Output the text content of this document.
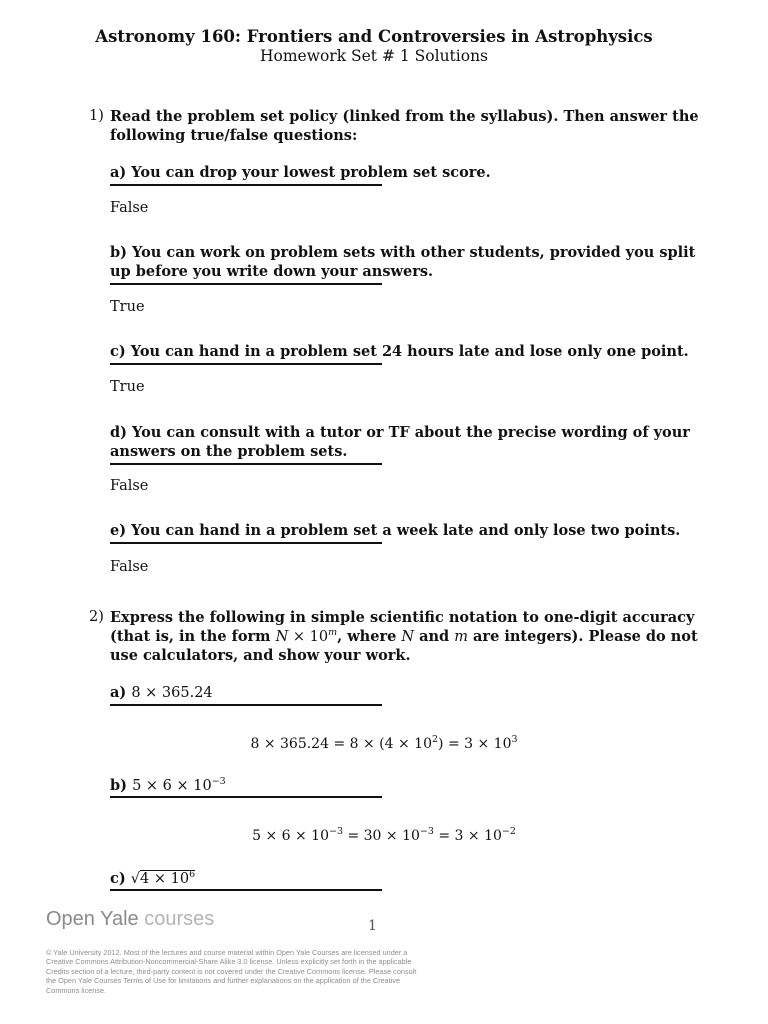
Astronomy 160: Frontiers and Controversies in Astrophysics
Homework Set # 1 Solutions
1) Read the problem set policy (linked from the syllabus). Then answer the
following true/false questions:
a) You can drop your lowest problem set score.
False
b) You can work on problem sets with other students, provided you split
up before you write down your answers.
True
c) You can hand in a problem set 24 hours late and lose only one point.
True
d) You can consult with a tutor or TF about the precise wording of your
answers on the problem sets.
False
e) You can hand in a problem set a week late and only lose two points.
False
2) Express the following in simple scientific notation to one-digit accuracy
(that is, in the form $N \times 10^m$, where N and m are integers). Please do not
use calculators, and show your work.
a) 8 × 365.24
$8 \times 365.24 = 8 \times (4 \times 10^2) = 3 \times 10^3$
b) $5 \times 6 \times 10^{-3}$
$5 \times 6 \times 10^{-3} = 30 \times 10^{-3} = 3 \times 10^{-2}$
c) $√4 \times 10^6$
Open Yale courses	1
© Yale University 2012. Most of the lectures and course material within Open Yale Courses are licensed under a Creative Commons Attribution-Noncommercial-Share Alike 3.0 license. Unless explicitly set forth in the applicable Credits section of a lecture, third-party content is not covered under the Creative Commons license. Please consult the Open Yale Courses Terms of Use for limitations and further explanations on the application of the Creative Commons license.
